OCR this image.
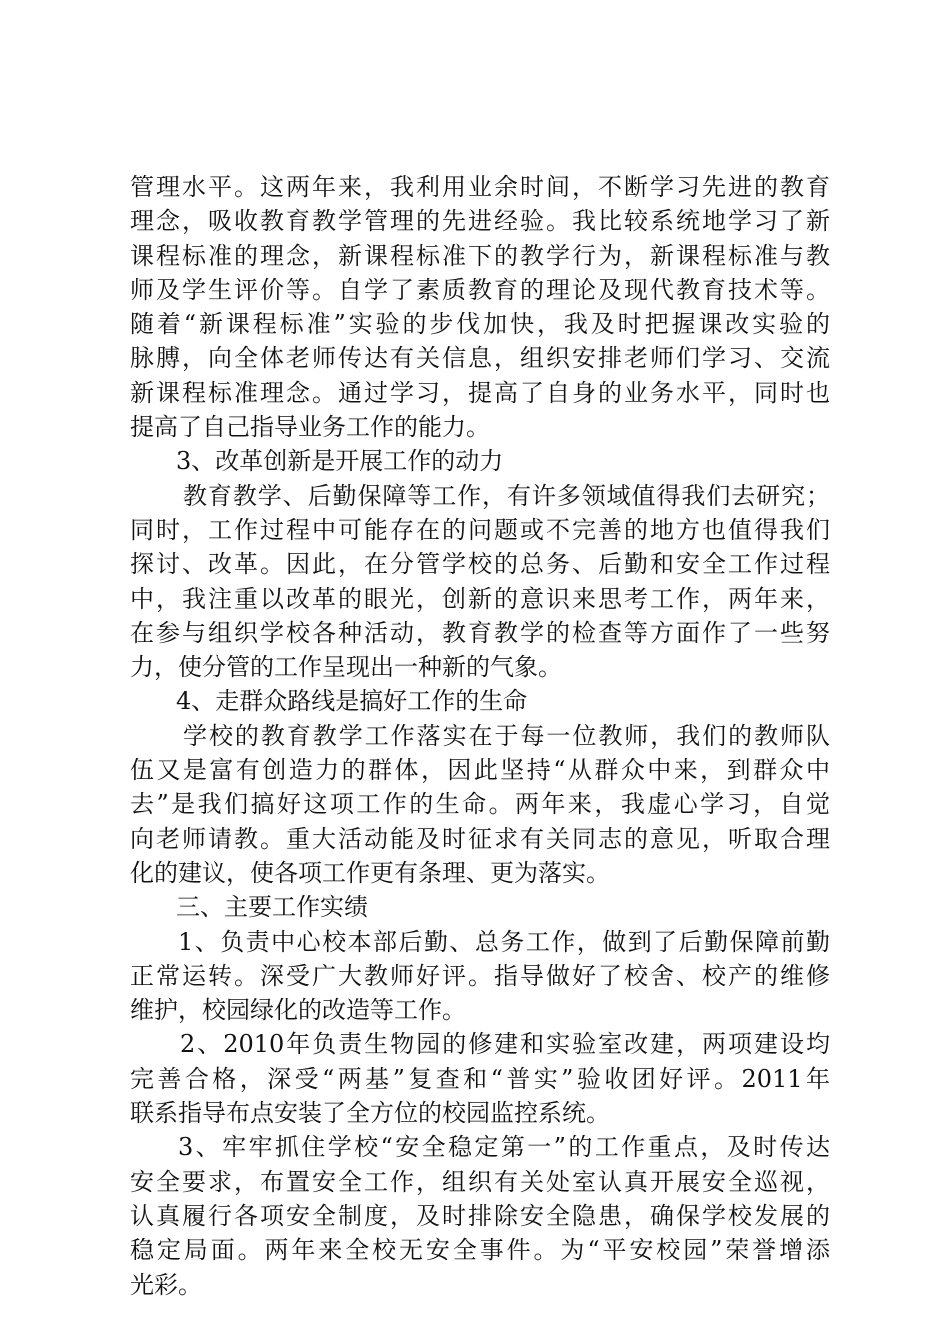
管理水平。这两年来，我利用业余时间，不断学习先进的教育
理念，吸收教育教学管理的先进经验。我比较系统地学习了新
课程标准的理念，新课程标准下的教学行为，新课程标准与教
师及学生评价等。自学了素质教育的理论及现代教育技术等。
随着“新课程标准”实验的步伐加快，我及时把握课改实验的
脉膊，向全体老师传达有关信息，组织安排老师们学习、交流
新课程标准理念。通过学习，提高了自身的业务水平，同时也
提高了自己指导业务工作的能力。
3、改革创新是开展工作的动力
教育教学、后勤保障等工作，有许多领域值得我们去研究；
同时，工作过程中可能存在的问题或不完善的地方也值得我们
探讨、改革。因此，在分管学校的总务、后勤和安全工作过程
中，我注重以改革的眼光，创新的意识来思考工作，两年来，
在参与组织学校各种活动，教育教学的检查等方面作了一些努
力，使分管的工作呈现出一种新的气象。
4、走群众路线是搞好工作的生命
学校的教育教学工作落实在于每一位教师，我们的教师队
伍又是富有创造力的群体，因此坚持“从群众中来，到群众中
去”是我们搞好这项工作的生命。两年来，我虚心学习，自觉
向老师请教。重大活动能及时征求有关同志的意见，听取合理
化的建议，使各项工作更有条理、更为落实。
三、主要工作实绩
1、负责中心校本部后勤、总务工作，做到了后勤保障前勤
正常运转。深受广大教师好评。指导做好了校舍、校产的维修
维护，校园绿化的改造等工作。
2、2010年负责生物园的修建和实验室改建，两项建设均
完善合格，深受“两基”复查和“普实”验收团好评。2011年
联系指导布点安装了全方位的校园监控系统。
3、牢牢抓住学校“安全稳定第一”的工作重点，及时传达
安全要求，布置安全工作，组织有关处室认真开展安全巡视，
认真履行各项安全制度，及时排除安全隐患，确保学校发展的
稳定局面。两年来全校无安全事件。为“平安校园”荣誉增添
光彩。
